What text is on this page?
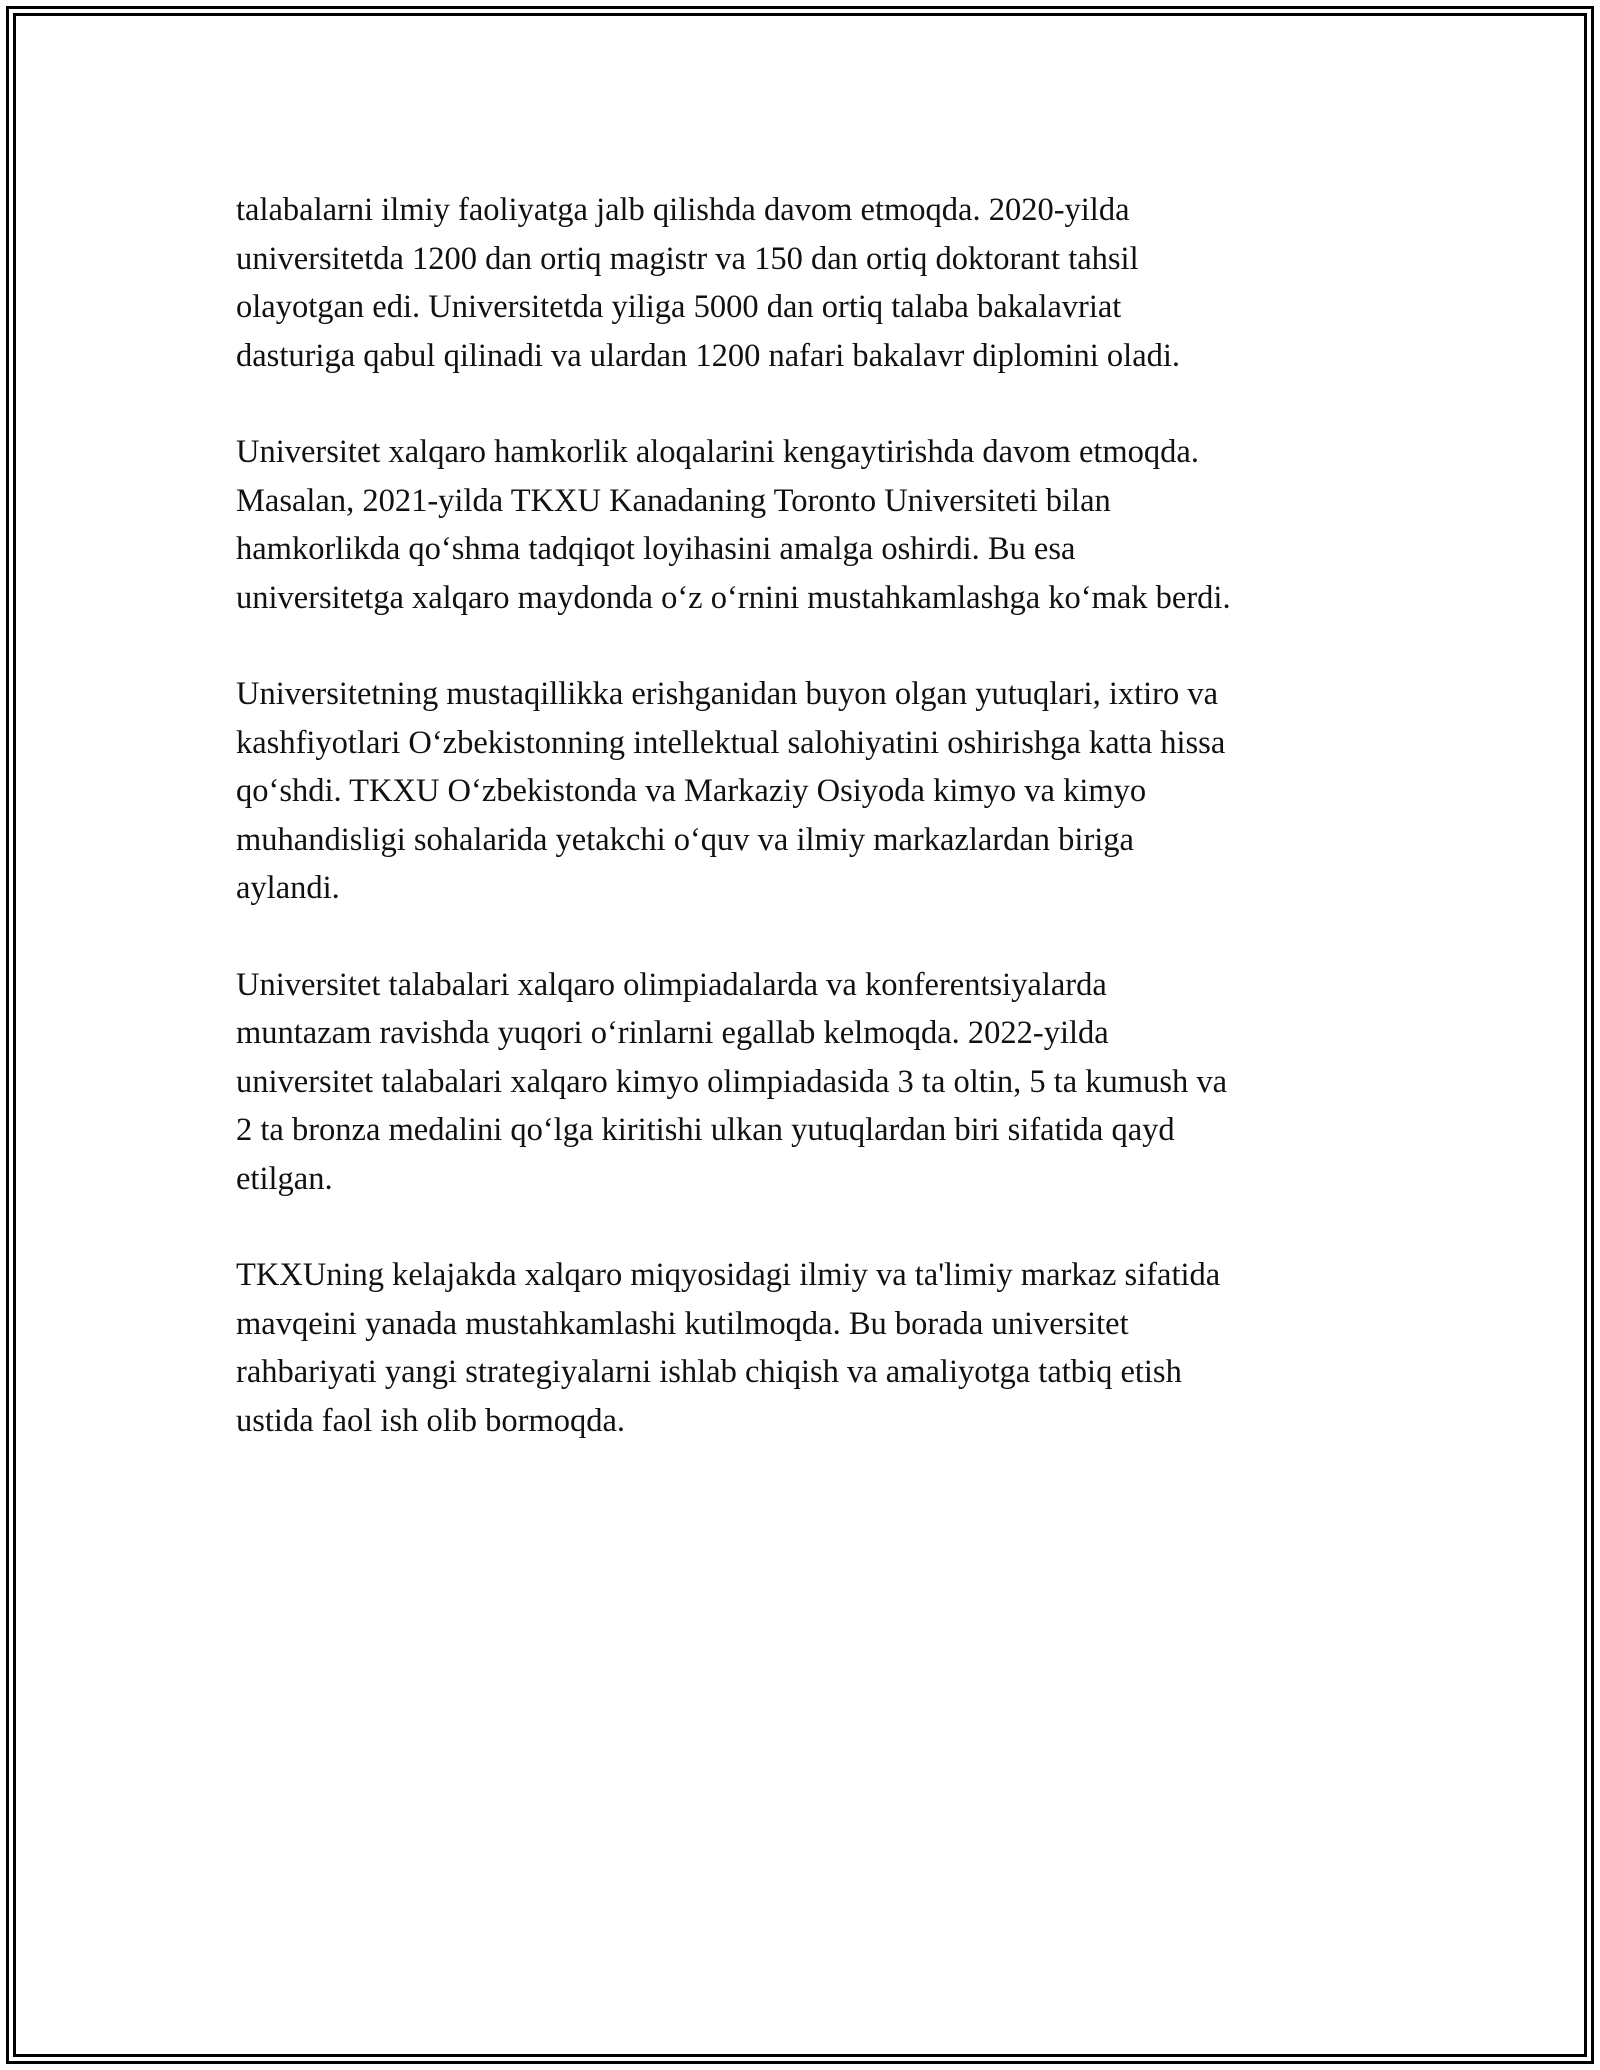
talabalarni ilmiy faoliyatga jalb qilishda davom etmoqda. 2020-yilda
universitetda 1200 dan ortiq magistr va 150 dan ortiq doktorant tahsil
olayotgan edi. Universitetda yiliga 5000 dan ortiq talaba bakalavriat
dasturiga qabul qilinadi va ulardan 1200 nafari bakalavr diplomini oladi.

Universitet xalqaro hamkorlik aloqalarini kengaytirishda davom etmoqda.
Masalan, 2021-yilda TKXU Kanadaning Toronto Universiteti bilan
hamkorlikda qo‘shma tadqiqot loyihasini amalga oshirdi. Bu esa
universitetga xalqaro maydonda o‘z o‘rnini mustahkamlashga ko‘mak berdi.

Universitetning mustaqillikka erishganidan buyon olgan yutuqlari, ixtiro va
kashfiyotlari O‘zbekistonning intellektual salohiyatini oshirishga katta hissa
qo‘shdi. TKXU O‘zbekistonda va Markaziy Osiyoda kimyo va kimyo
muhandisligi sohalarida yetakchi o‘quv va ilmiy markazlardan biriga
aylandi.

Universitet talabalari xalqaro olimpiadalarda va konferentsiyalarda
muntazam ravishda yuqori o‘rinlarni egallab kelmoqda. 2022-yilda
universitet talabalari xalqaro kimyo olimpiadasida 3 ta oltin, 5 ta kumush va
2 ta bronza medalini qo‘lga kiritishi ulkan yutuqlardan biri sifatida qayd
etilgan.

TKXUning kelajakda xalqaro miqyosidagi ilmiy va ta'limiy markaz sifatida
mavqeini yanada mustahkamlashi kutilmoqda. Bu borada universitet
rahbariyati yangi strategiyalarni ishlab chiqish va amaliyotga tatbiq etish
ustida faol ish olib bormoqda.
